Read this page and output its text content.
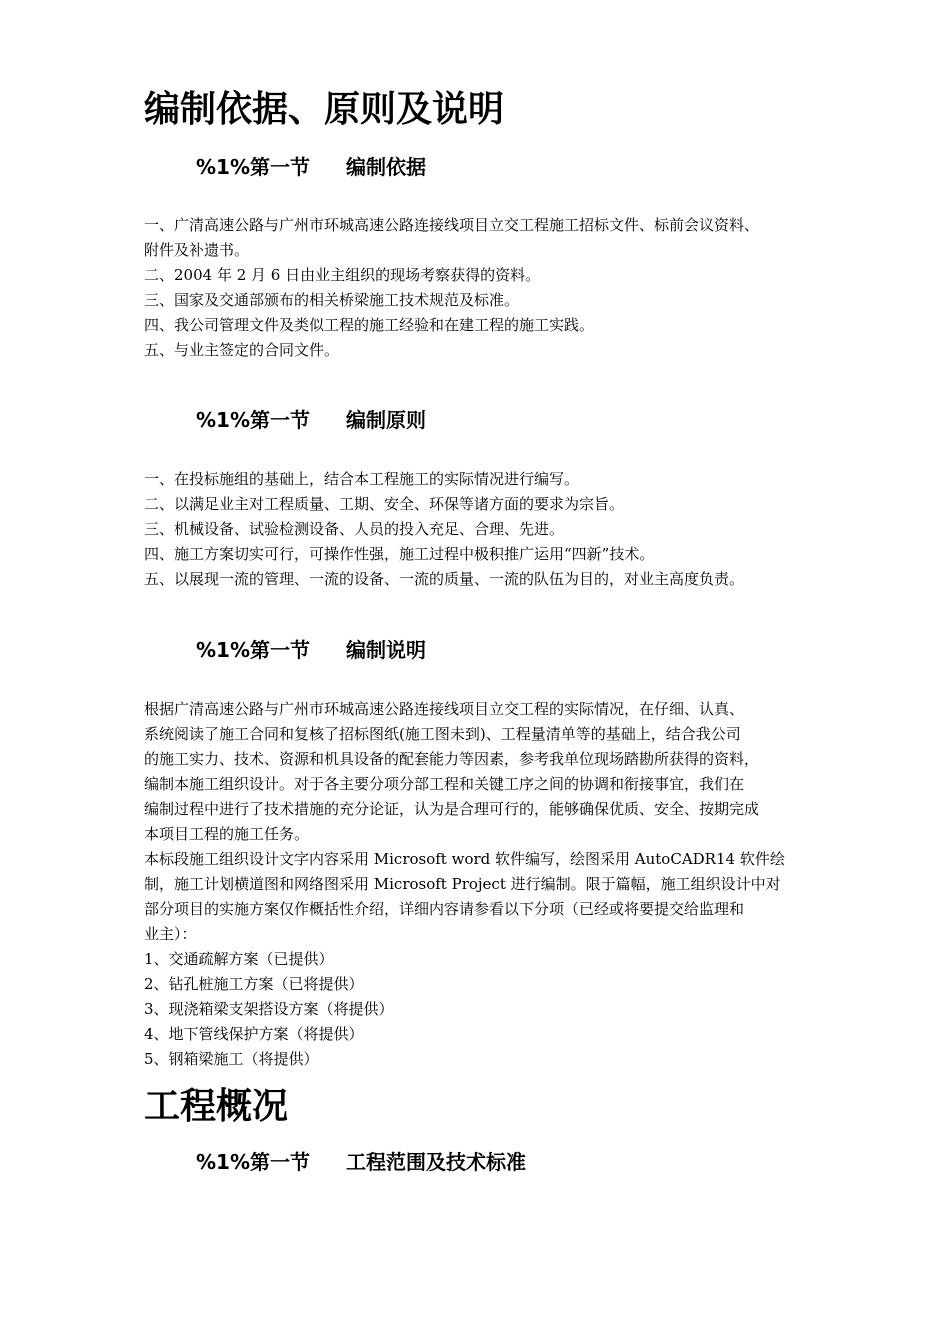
编制依据、原则及说明
%1%第一节 编制依据
一、广清高速公路与广州市环城高速公路连接线项目立交工程施工招标文件、标前会议资料、
附件及补遗书。
二、2004 年 2 月 6 日由业主组织的现场考察获得的资料。
三、国家及交通部颁布的相关桥梁施工技术规范及标准。
四、我公司管理文件及类似工程的施工经验和在建工程的施工实践。
五、与业主签定的合同文件。
%1%第一节 编制原则
一、在投标施组的基础上，结合本工程施工的实际情况进行编写。
二、以满足业主对工程质量、工期、安全、环保等诸方面的要求为宗旨。
三、机械设备、试验检测设备、人员的投入充足、合理、先进。
四、施工方案切实可行，可操作性强，施工过程中极积推广运用“四新”技术。
五、以展现一流的管理、一流的设备、一流的质量、一流的队伍为目的，对业主高度负责。
%1%第一节 编制说明
根据广清高速公路与广州市环城高速公路连接线项目立交工程的实际情况，在仔细、认真、
系统阅读了施工合同和复核了招标图纸(施工图未到)、工程量清单等的基础上，结合我公司
的施工实力、技术、资源和机具设备的配套能力等因素，参考我单位现场踏勘所获得的资料，
编制本施工组织设计。对于各主要分项分部工程和关键工序之间的协调和衔接事宜，我们在
编制过程中进行了技术措施的充分论证，认为是合理可行的，能够确保优质、安全、按期完成
本项目工程的施工任务。
本标段施工组织设计文字内容采用 Microsoft word 软件编写，绘图采用 AutoCADR14 软件绘
制，施工计划横道图和网络图采用 Microsoft Project 进行编制。限于篇幅，施工组织设计中对
部分项目的实施方案仅作概括性介绍，详细内容请参看以下分项（已经或将要提交给监理和
业主）：
1、交通疏解方案（已提供）
2、钻孔桩施工方案（已将提供）
3、现浇箱梁支架搭设方案（将提供）
4、地下管线保护方案（将提供）
5、钢箱梁施工（将提供）
工程概况
%1%第一节 工程范围及技术标准
